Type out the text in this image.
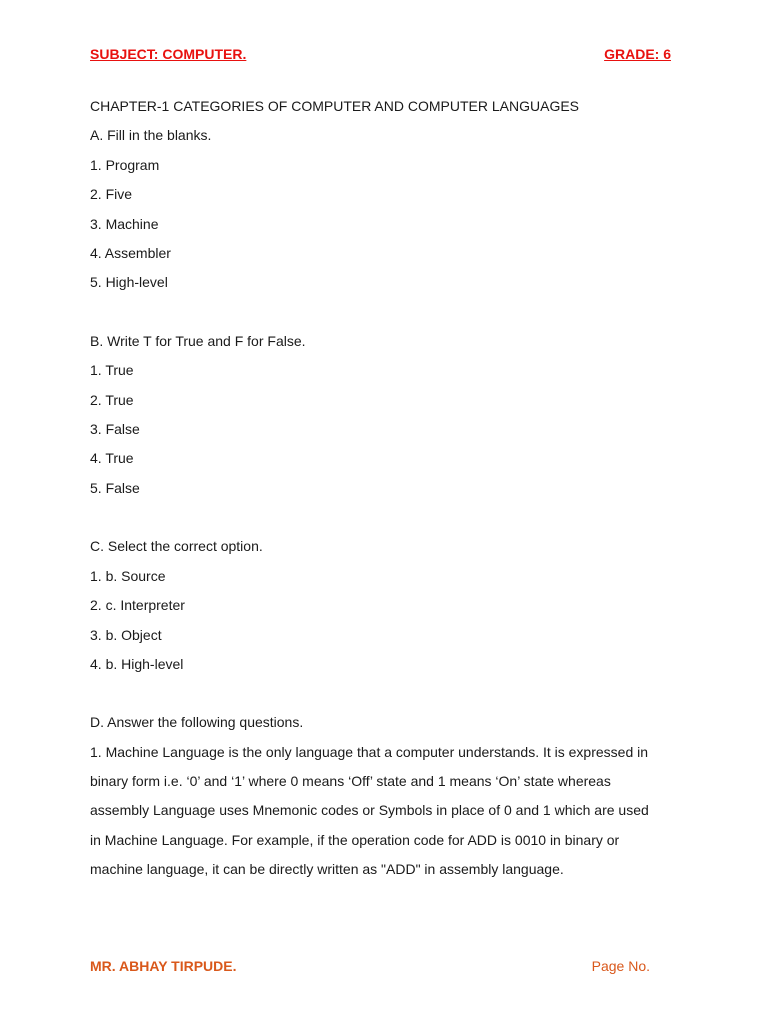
SUBJECT: COMPUTER.	GRADE: 6
CHAPTER-1 CATEGORIES OF COMPUTER AND COMPUTER LANGUAGES
A. Fill in the blanks.
1. Program
2. Five
3. Machine
4. Assembler
5. High-level
B. Write T for True and F for False.
1. True
2. True
3. False
4. True
5. False
C. Select the correct option.
1. b. Source
2. c. Interpreter
3. b. Object
4. b. High-level
D. Answer the following questions.
1. Machine Language is the only language that a computer understands. It is expressed in binary form i.e. ‘0’ and ‘1’ where 0 means ‘Off’ state and 1 means ‘On’ state whereas assembly Language uses Mnemonic codes or Symbols in place of 0 and 1 which are used in Machine Language. For example, if the operation code for ADD is 0010 in binary or machine language, it can be directly written as "ADD" in assembly language.
MR. ABHAY TIRPUDE.	Page No.
